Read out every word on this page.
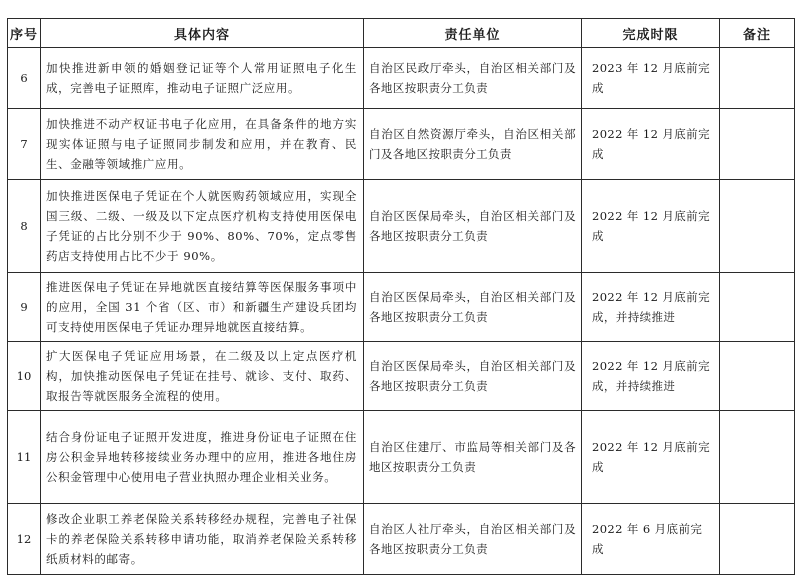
序号	具体内容	责任单位	完成时限	备注
6	加快推进新申领的婚姻登记证等个人常用证照电子化生成，完善电子证照库，推动电子证照广泛应用。	自治区民政厅牵头，自治区相关部门及各地区按职责分工负责	2023 年 12 月底前完成	
7	加快推进不动产权证书电子化应用，在具备条件的地方实现实体证照与电子证照同步制发和应用，并在教育、民生、金融等领域推广应用。	自治区自然资源厅牵头，自治区相关部门及各地区按职责分工负责	2022 年 12 月底前完成	
8	加快推进医保电子凭证在个人就医购药领域应用，实现全国三级、二级、一级及以下定点医疗机构支持使用医保电子凭证的占比分别不少于 90%、80%、70%，定点零售药店支持使用占比不少于 90%。	自治区医保局牵头，自治区相关部门及各地区按职责分工负责	2022 年 12 月底前完成	
9	推进医保电子凭证在异地就医直接结算等医保服务事项中的应用，全国 31 个省（区、市）和新疆生产建设兵团均可支持使用医保电子凭证办理异地就医直接结算。	自治区医保局牵头，自治区相关部门及各地区按职责分工负责	2022 年 12 月底前完成，并持续推进	
10	扩大医保电子凭证应用场景，在二级及以上定点医疗机构，加快推动医保电子凭证在挂号、就诊、支付、取药、取报告等就医服务全流程的使用。	自治区医保局牵头，自治区相关部门及各地区按职责分工负责	2022 年 12 月底前完成，并持续推进	
11	结合身份证电子证照开发进度，推进身份证电子证照在住房公积金异地转移接续业务办理中的应用，推进各地住房公积金管理中心使用电子营业执照办理企业相关业务。	自治区住建厅、市监局等相关部门及各地区按职责分工负责	2022 年 12 月底前完成	
12	修改企业职工养老保险关系转移经办规程，完善电子社保卡的养老保险关系转移申请功能，取消养老保险关系转移纸质材料的邮寄。	自治区人社厅牵头，自治区相关部门及各地区按职责分工负责	2022 年 6 月底前完成	
